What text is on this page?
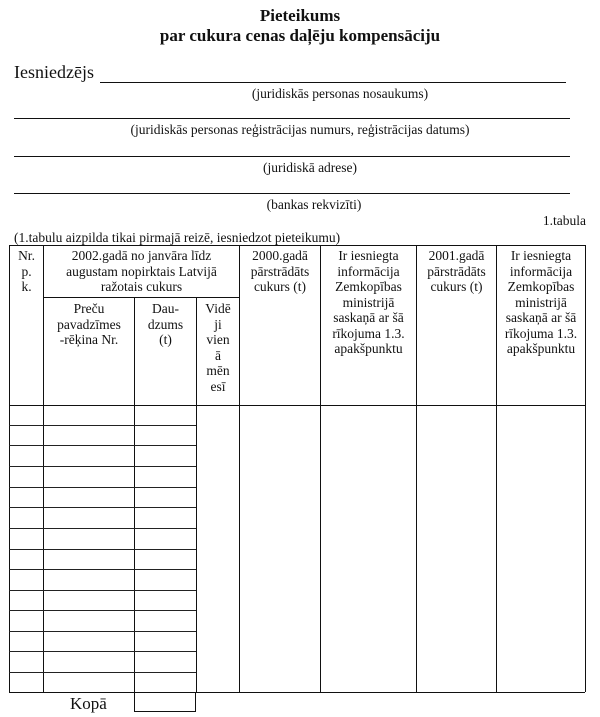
Pieteikums
par cukura cenas daļēju kompensāciju
Iesniedzējs
(juridiskās personas nosaukums)
(juridiskās personas reģistrācijas numurs, reģistrācijas datums)
(juridiskā adrese)
(bankas rekvizīti)
1.tabula
(1.tabulu aizpilda tikai pirmajā reizē, iesniedzot pieteikumu)
Nr.
p.
k.
2002.gadā no janvāra līdz
augustam nopirktais Latvijā
ražotais cukurs
Preču
pavadzīmes
-rēķina Nr.
Dau-
dzums
(t)
Vidē
ji
vien
ā
mēn
esī
2000.gadā
pārstrādāts
cukurs (t)
Ir iesniegta
informācija
Zemkopības
ministrijā
saskaņā ar šā
rīkojuma 1.3.
apakšpunktu
2001.gadā
pārstrādāts
cukurs (t)
Ir iesniegta
informācija
Zemkopības
ministrijā
saskaņā ar šā
rīkojuma 1.3.
apakšpunktu
Kopā
